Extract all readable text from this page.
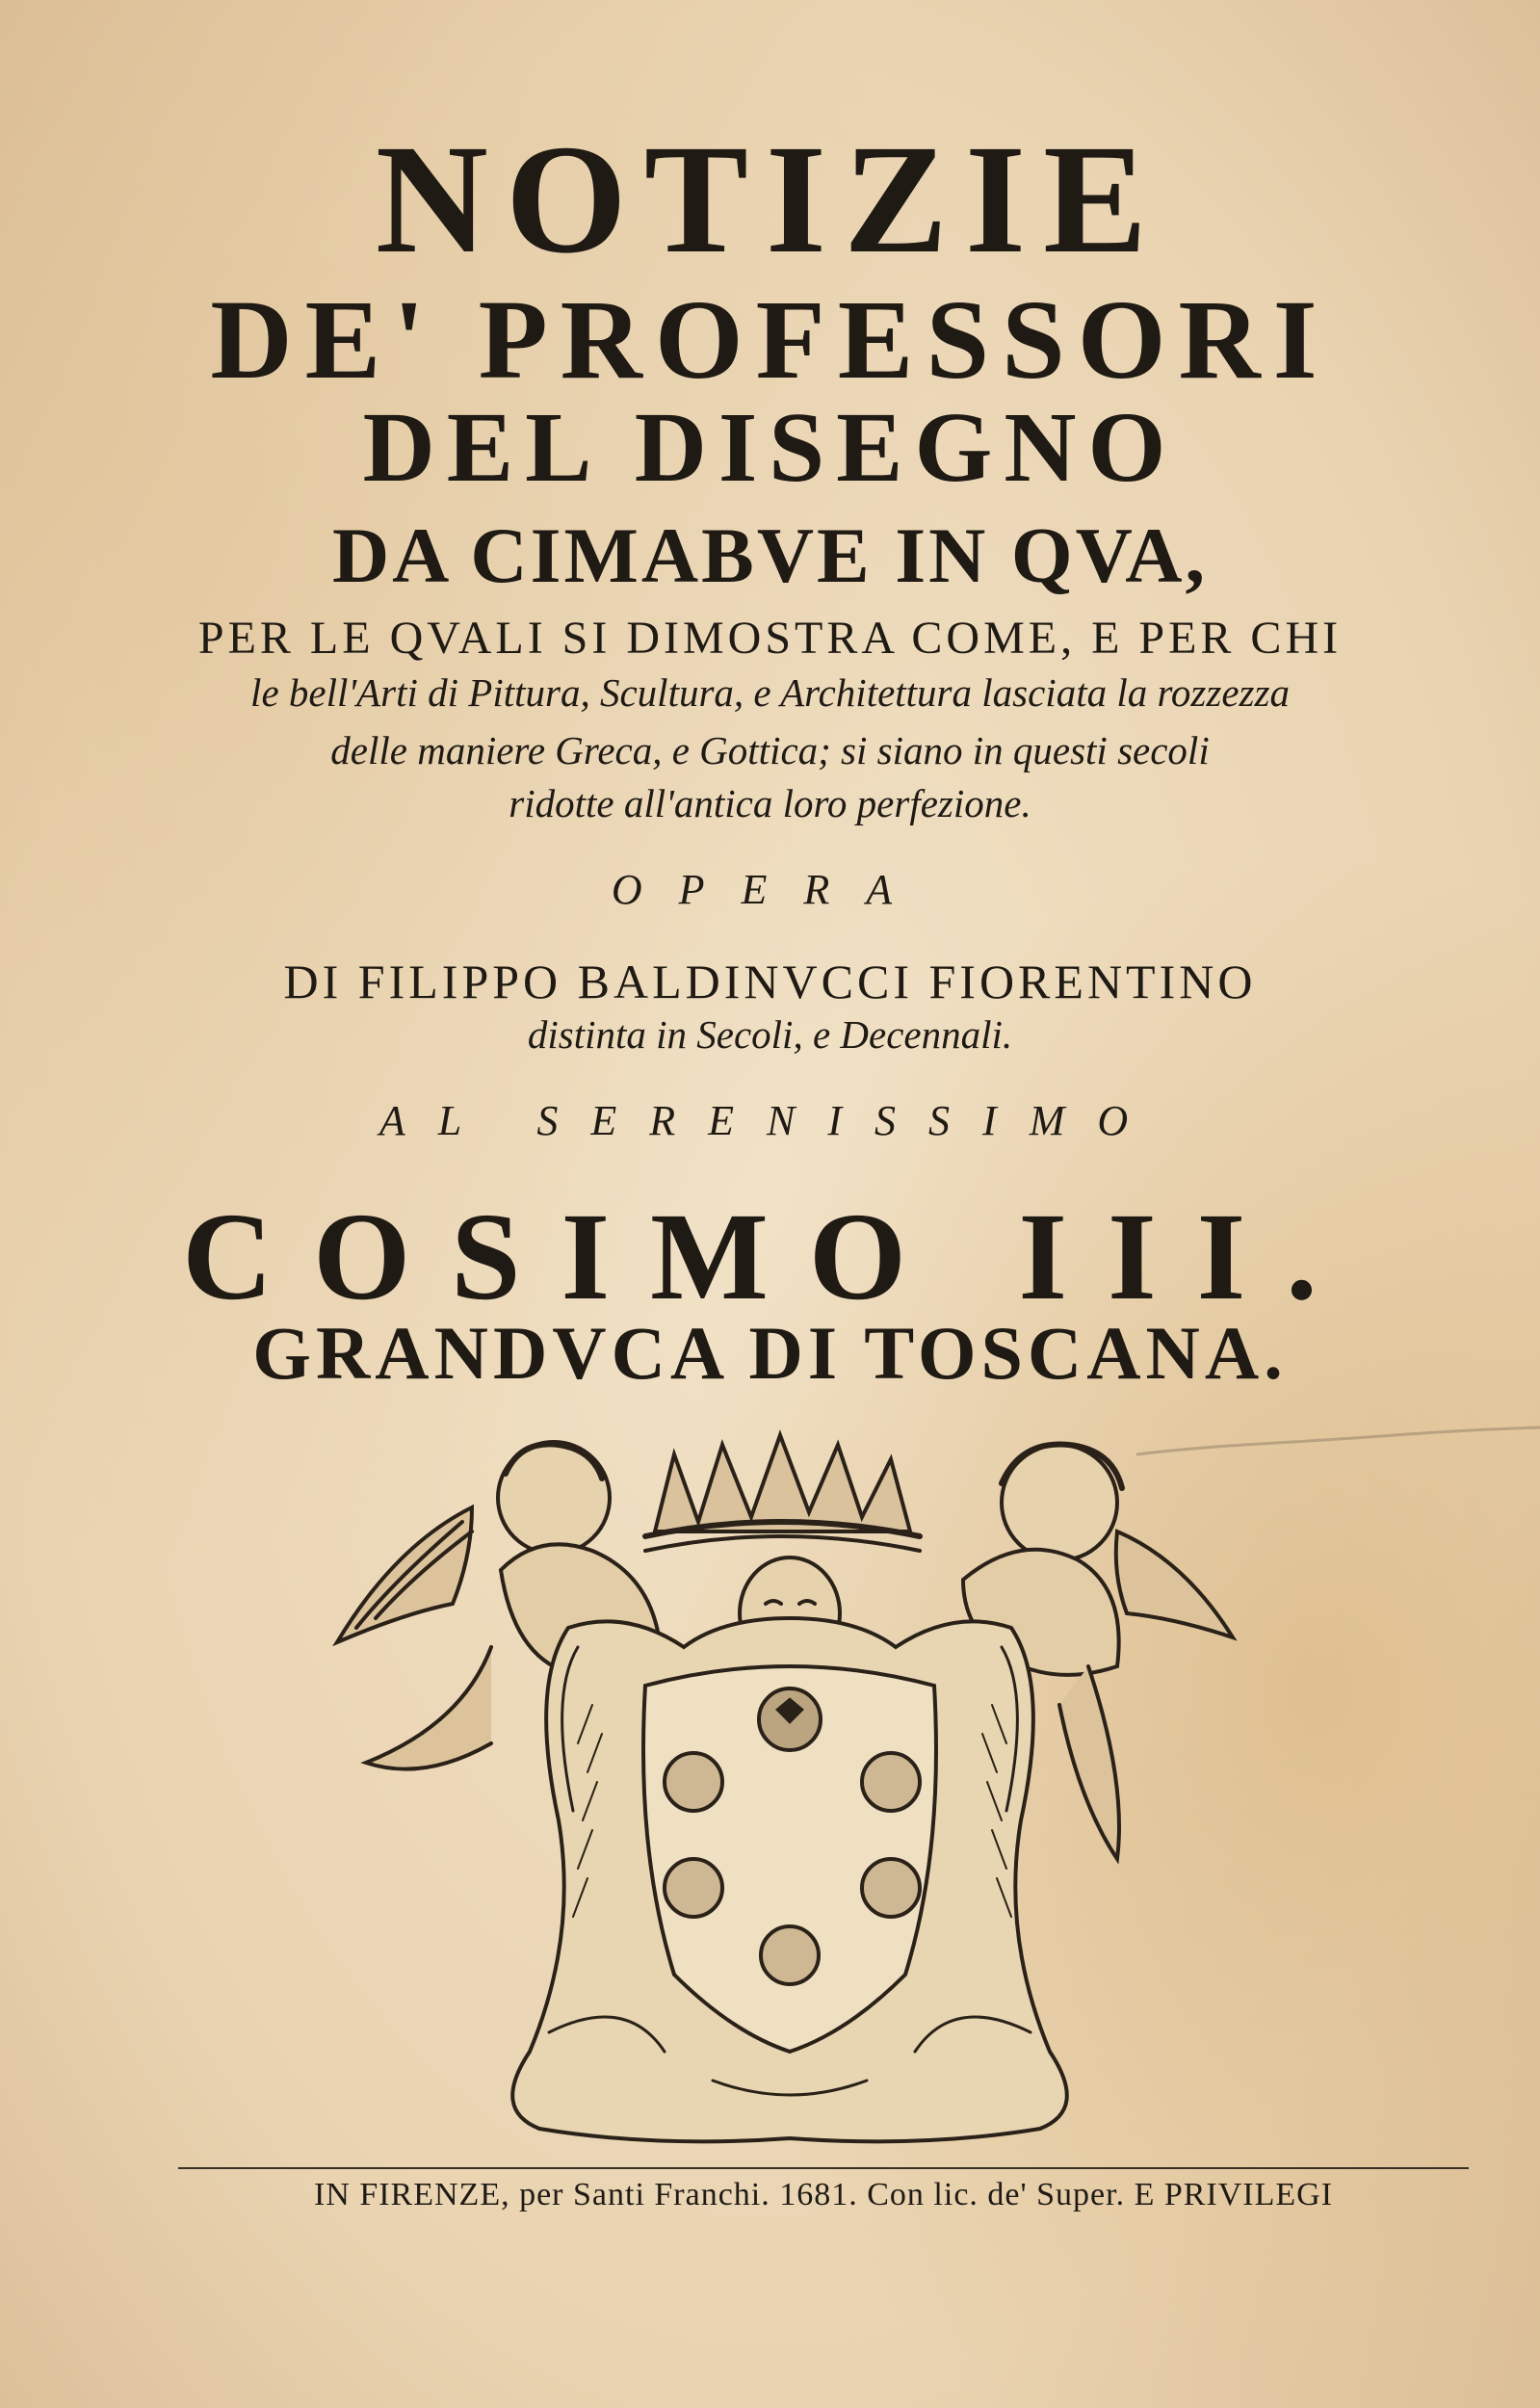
NOTIZIE
DE' PROFESSORI
DEL DISEGNO
DA CIMABVE IN QVA,
PER LE QVALI SI DIMOSTRA COME, E PER CHI
le bell'Arti di Pittura, Scultura, e Architettura lasciata la rozzezza
delle maniere Greca, e Gottica; si siano in questi secoli
ridotte all'antica loro perfezione.
OPERA
DI FILIPPO BALDINVCCI FIORENTINO
distinta in Secoli, e Decennali.
AL SERENISSIMO
COSIMO III.
GRANDVCA DI TOSCANA.
IN FIRENZE, per Santi Franchi. 1681. Con lic. de' Super. E PRIVILEGI
